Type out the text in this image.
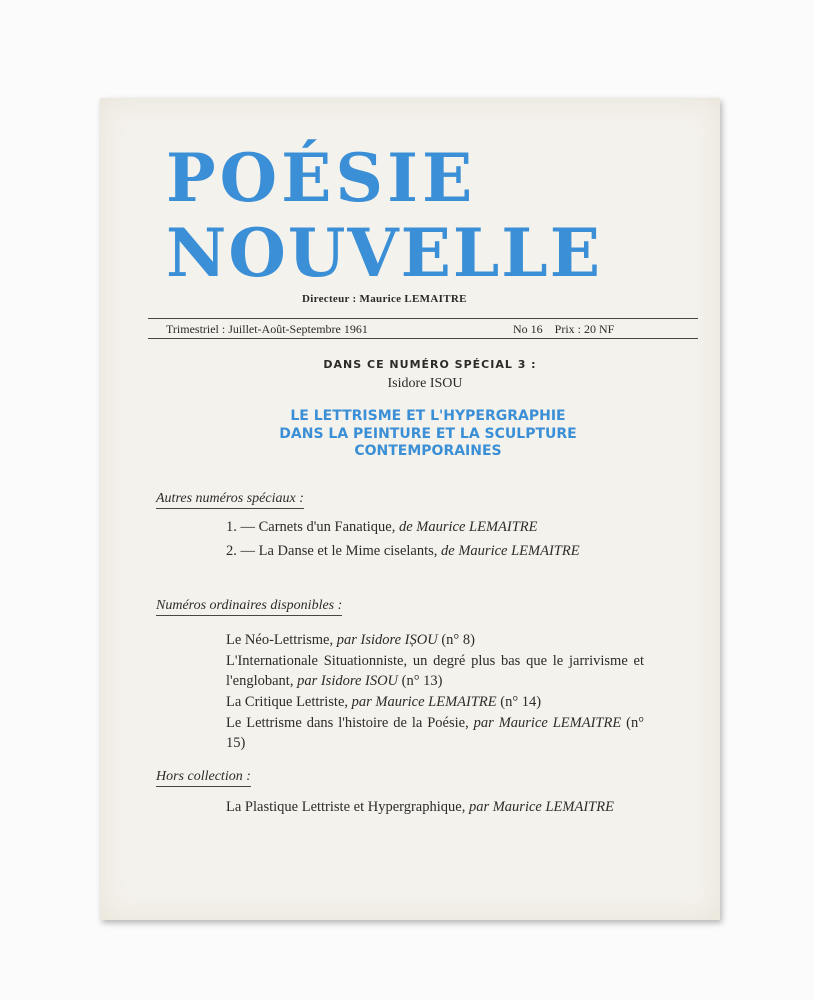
POÉSIE
NOUVELLE
Directeur : Maurice LEMAITRE
Trimestriel : Juillet-Août-Septembre 1961	No 16 Prix : 20 NF
DANS CE NUMÉRO SPÉCIAL 3 :
Isidore ISOU
LE LETTRISME ET L'HYPERGRAPHIE
DANS LA PEINTURE ET LA SCULPTURE
CONTEMPORAINES
Autres numéros spéciaux :
1. — Carnets d'un Fanatique, de Maurice LEMAITRE
2. — La Danse et le Mime ciselants, de Maurice LEMAITRE
Numéros ordinaires disponibles :
Le Néo-Lettrisme, par Isidore IȘOU (n° 8)
L'Internationale Situationniste, un degré plus bas que le jarrivisme et l'englobant, par Isidore ISOU (n° 13)
La Critique Lettriste, par Maurice LEMAITRE (n° 14)
Le Lettrisme dans l'histoire de la Poésie, par Maurice LEMAITRE (n° 15)
Hors collection :
La Plastique Lettriste et Hypergraphique, par Maurice LEMAITRE
